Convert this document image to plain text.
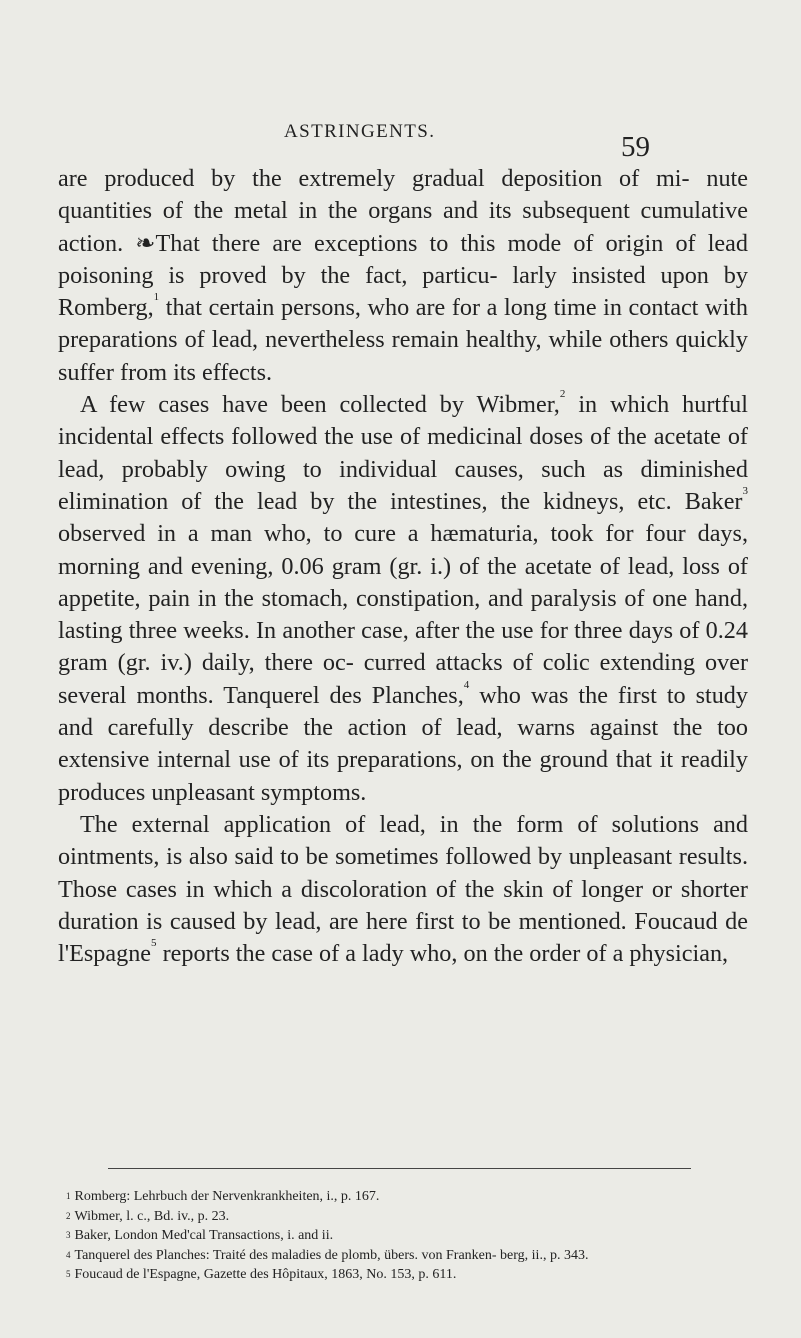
ASTRINGENTS.	59

are produced by the extremely gradual deposition of mi- nute quantities of the metal in the organs and its subsequent cumulative action. ❧That there are exceptions to this mode of origin of lead poisoning is proved by the fact, particu- larly insisted upon by Romberg,$^1$ that certain persons, who are for a long time in contact with preparations of lead, nevertheless remain healthy, while others quickly suffer from its effects.

A few cases have been collected by Wibmer,$^2$ in which hurtful incidental effects followed the use of medicinal doses of the acetate of lead, probably owing to individual causes, such as diminished elimination of the lead by the intestines, the kidneys, etc. Baker$^3$ observed in a man who, to cure a hæmaturia, took for four days, morning and evening, 0.06 gram (gr. i.) of the acetate of lead, loss of appetite, pain in the stomach, constipation, and paralysis of one hand, lasting three weeks. In another case, after the use for three days of 0.24 gram (gr. iv.) daily, there oc- curred attacks of colic extending over several months. Tanquerel des Planches,$^4$ who was the first to study and carefully describe the action of lead, warns against the too extensive internal use of its preparations, on the ground that it readily produces unpleasant symptoms.

The external application of lead, in the form of solutions and ointments, is also said to be sometimes followed by unpleasant results. Those cases in which a discoloration of the skin of longer or shorter duration is caused by lead, are here first to be mentioned. Foucaud de l'Espagne$^5$ reports the case of a lady who, on the order of a physician,

$^1$ Romberg: Lehrbuch der Nervenkrankheiten, i., p. 167.

$^2$ Wibmer, l. c., Bd. iv., p. 23.

$^3$ Baker, London Med'cal Transactions, i. and ii.

$^4$ Tanquerel des Planches: Traité des maladies de plomb, übers. von Franken- berg, ii., p. 343.

$^5$ Foucaud de l'Espagne, Gazette des Hôpitaux, 1863, No. 153, p. 611.
